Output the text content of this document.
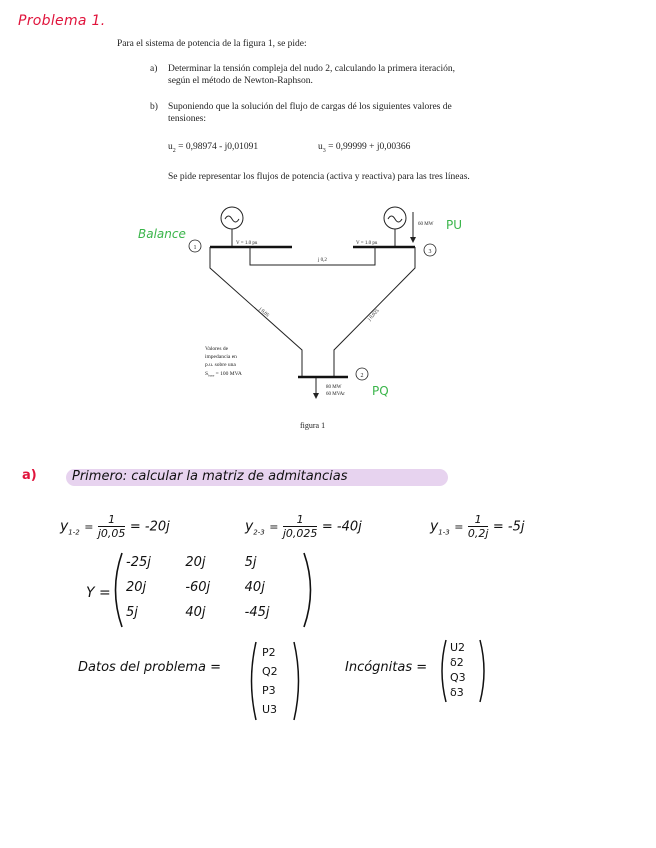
Problema 1.
Para el sistema de potencia de la figura 1, se pide:
a) Determinar la tensión compleja del nudo 2, calculando la primera iteración,
según el método de Newton-Raphson.
b) Suponiendo que la solución del flujo de cargas dé los siguientes valores de
tensiones:
$u_2 = 0,98974 - j0,01091$	$u_3 = 0,99999 + j0,00366$
Se pide representar los flujos de potencia (activa y reactiva) para las tres líneas.
1
V = 1.0 pu
3
V = 1.0 pu
60 MW
j 0,2
j 0,05	j 0,025
2
80 MW
60 MVAr
Valores de
impedancia en
p.u. sobre una
$S_{base} = 100$ MVA
Balance
PU
PQ
figura 1
a)	Primero: calcular la matriz de admitancias
$y_{1-2} = \frac{1}{j0,05} = -20j$	$y_{2-3} = \frac{1}{j0,025} = -40j$	$y_{1-3} = \frac{1}{0,2j} = -5j$
Y =
-25j	20j	5j
20j	-60j	40j
5j	40j	-45j
Datos del problema =
P2
Q2
P3
U3
Incógnitas =
U2
δ2
Q3
δ3
